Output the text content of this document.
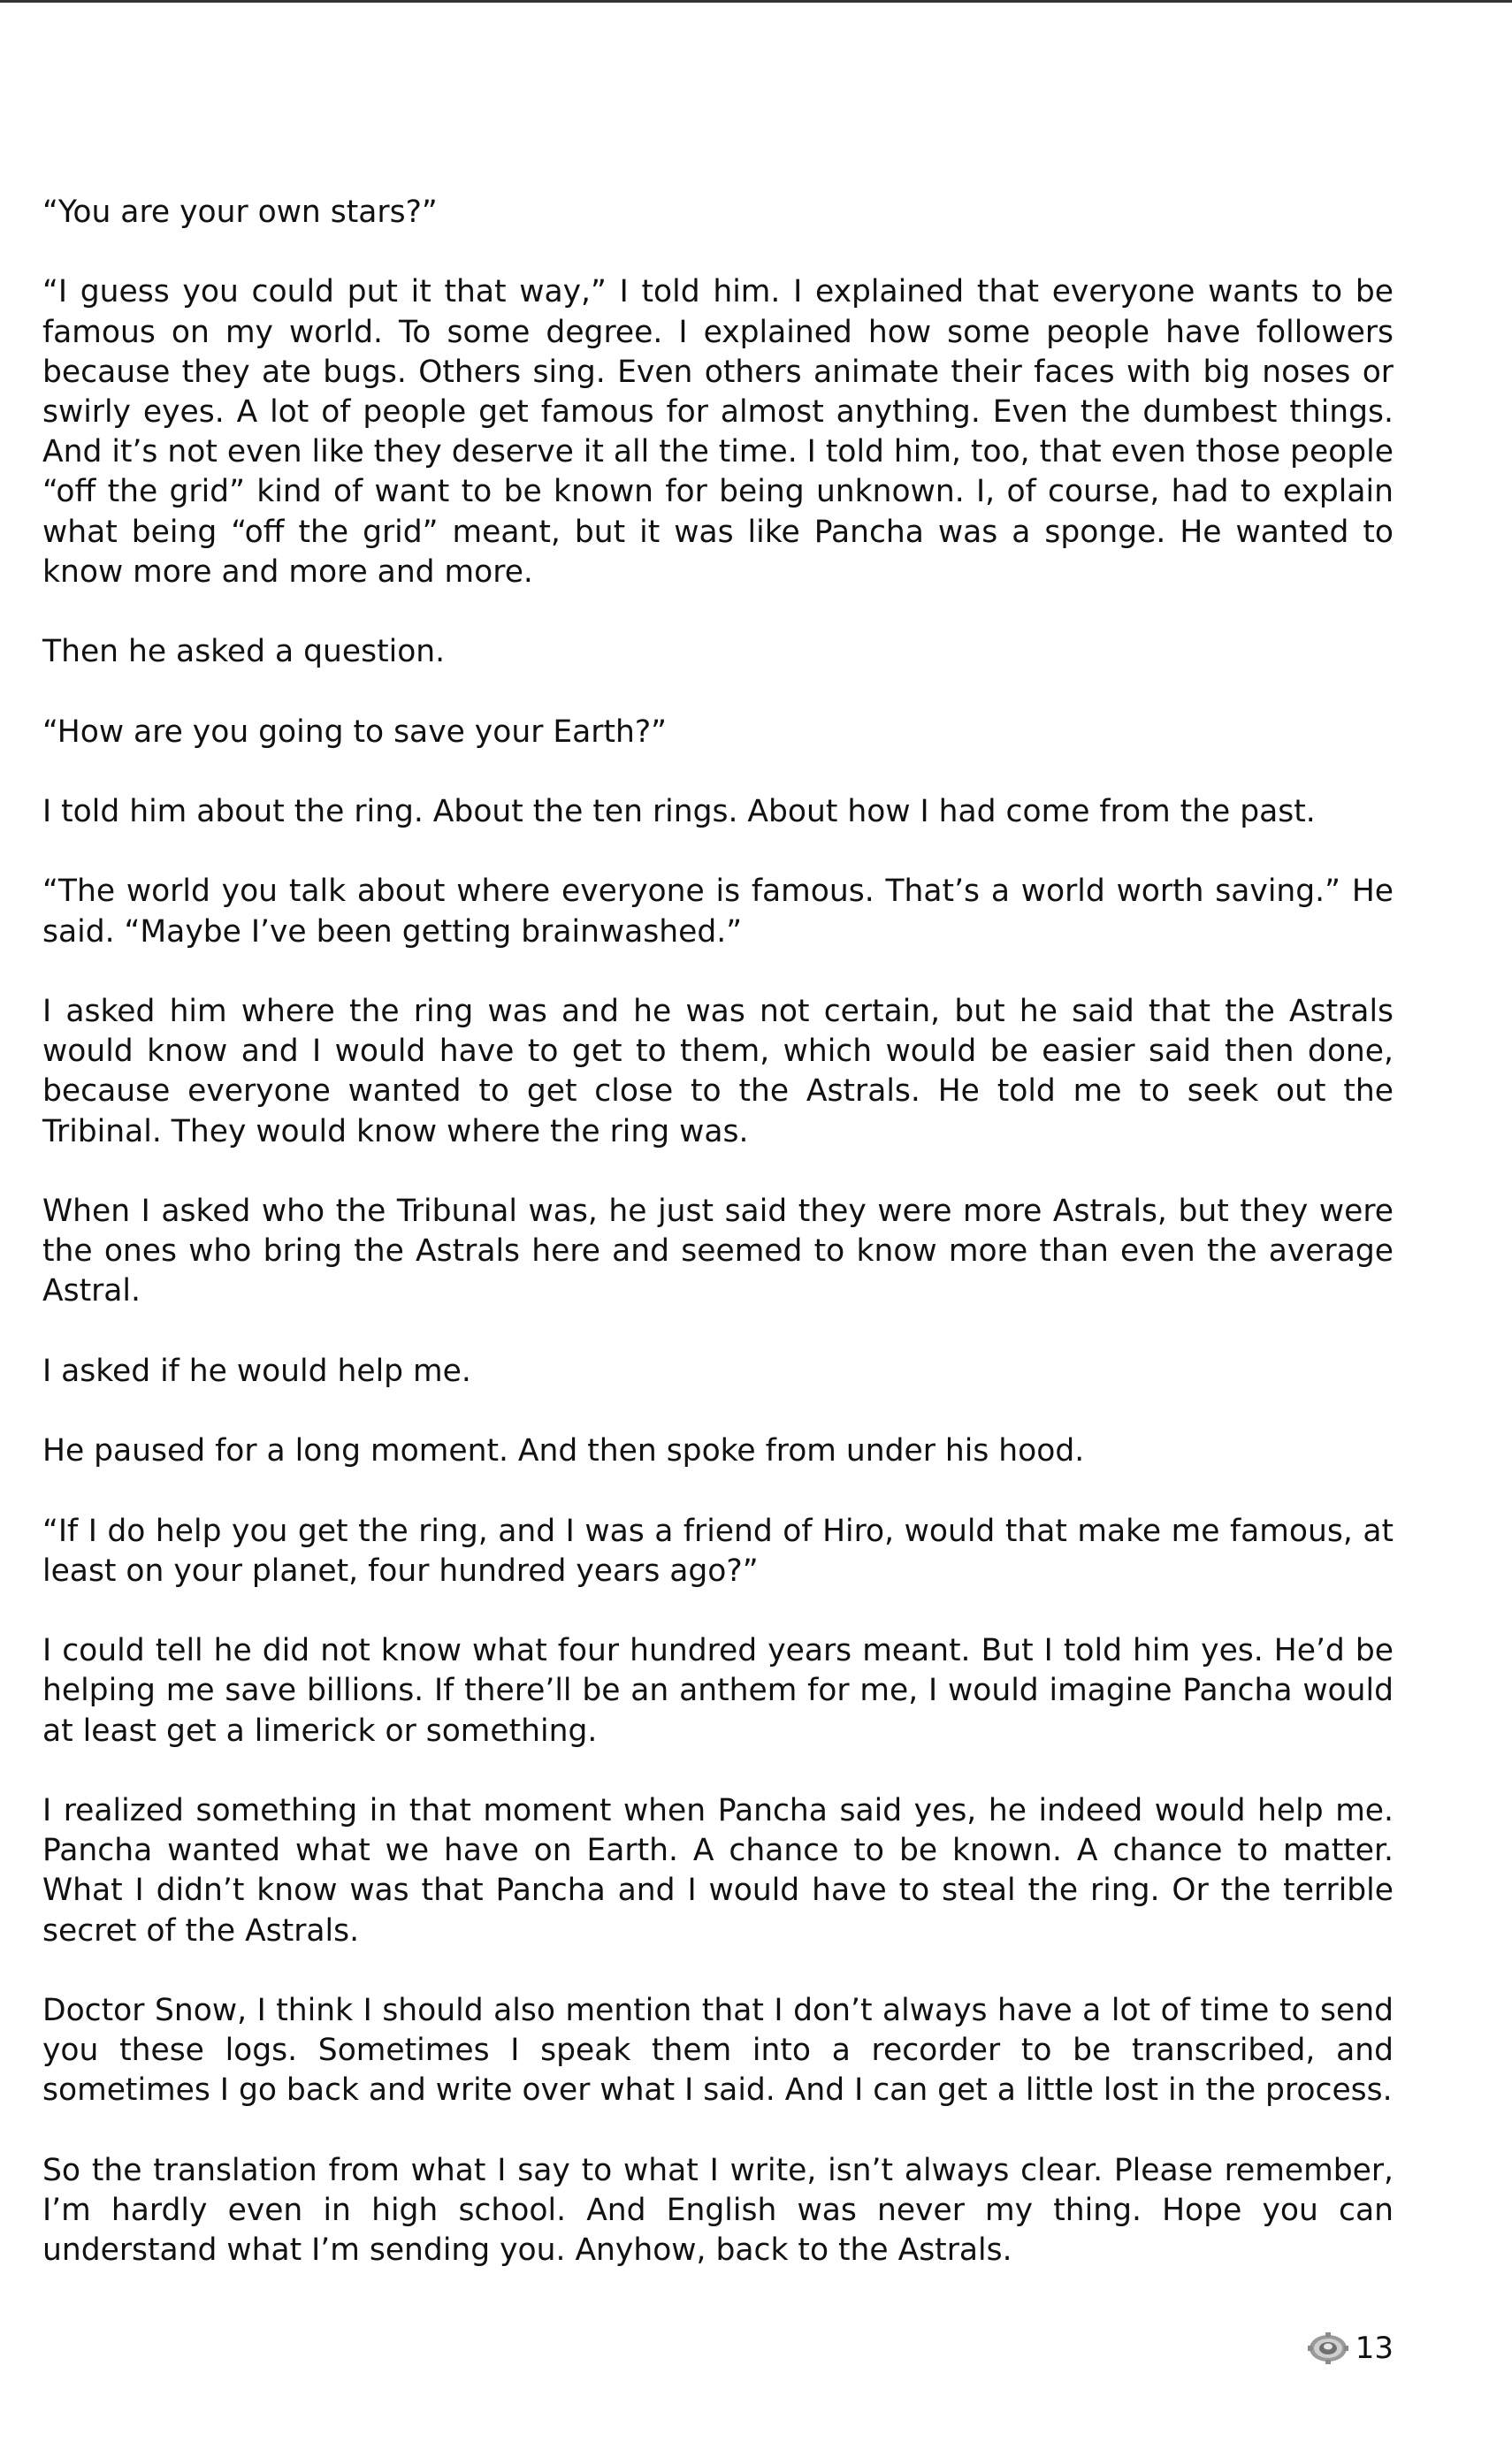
“You are your own stars?”

“I guess you could put it that way,” I told him. I explained that everyone wants to be famous on my world. To some degree. I explained how some people have followers because they ate bugs. Others sing. Even others animate their faces with big noses or swirly eyes. A lot of people get famous for almost anything. Even the dumbest things. And it’s not even like they deserve it all the time. I told him, too, that even those people “off the grid” kind of want to be known for being unknown. I, of course, had to explain what being “off the grid” meant, but it was like Pancha was a sponge. He wanted to know more and more and more.

Then he asked a question.

“How are you going to save your Earth?”

I told him about the ring. About the ten rings. About how I had come from the past.

“The world you talk about where everyone is famous. That’s a world worth saving.” He said. “Maybe I’ve been getting brainwashed.”

I asked him where the ring was and he was not certain, but he said that the Astrals would know and I would have to get to them, which would be easier said then done, because everyone wanted to get close to the Astrals. He told me to seek out the Tribinal. They would know where the ring was.

When I asked who the Tribunal was, he just said they were more Astrals, but they were the ones who bring the Astrals here and seemed to know more than even the average Astral.

I asked if he would help me.

He paused for a long moment. And then spoke from under his hood.

“If I do help you get the ring, and I was a friend of Hiro, would that make me famous, at least on your planet, four hundred years ago?”

I could tell he did not know what four hundred years meant. But I told him yes. He’d be helping me save billions. If there’ll be an anthem for me, I would imagine Pancha would at least get a limerick or something.

I realized something in that moment when Pancha said yes, he indeed would help me. Pancha wanted what we have on Earth. A chance to be known. A chance to matter. What I didn’t know was that Pancha and I would have to steal the ring. Or the terrible secret of the Astrals.

Doctor Snow, I think I should also mention that I don’t always have a lot of time to send you these logs. Sometimes I speak them into a recorder to be transcribed, and sometimes I go back and write over what I said. And I can get a little lost in the process.

So the translation from what I say to what I write, isn’t always clear. Please remember, I’m hardly even in high school. And English was never my thing. Hope you can understand what I’m sending you. Anyhow, back to the Astrals.

13
